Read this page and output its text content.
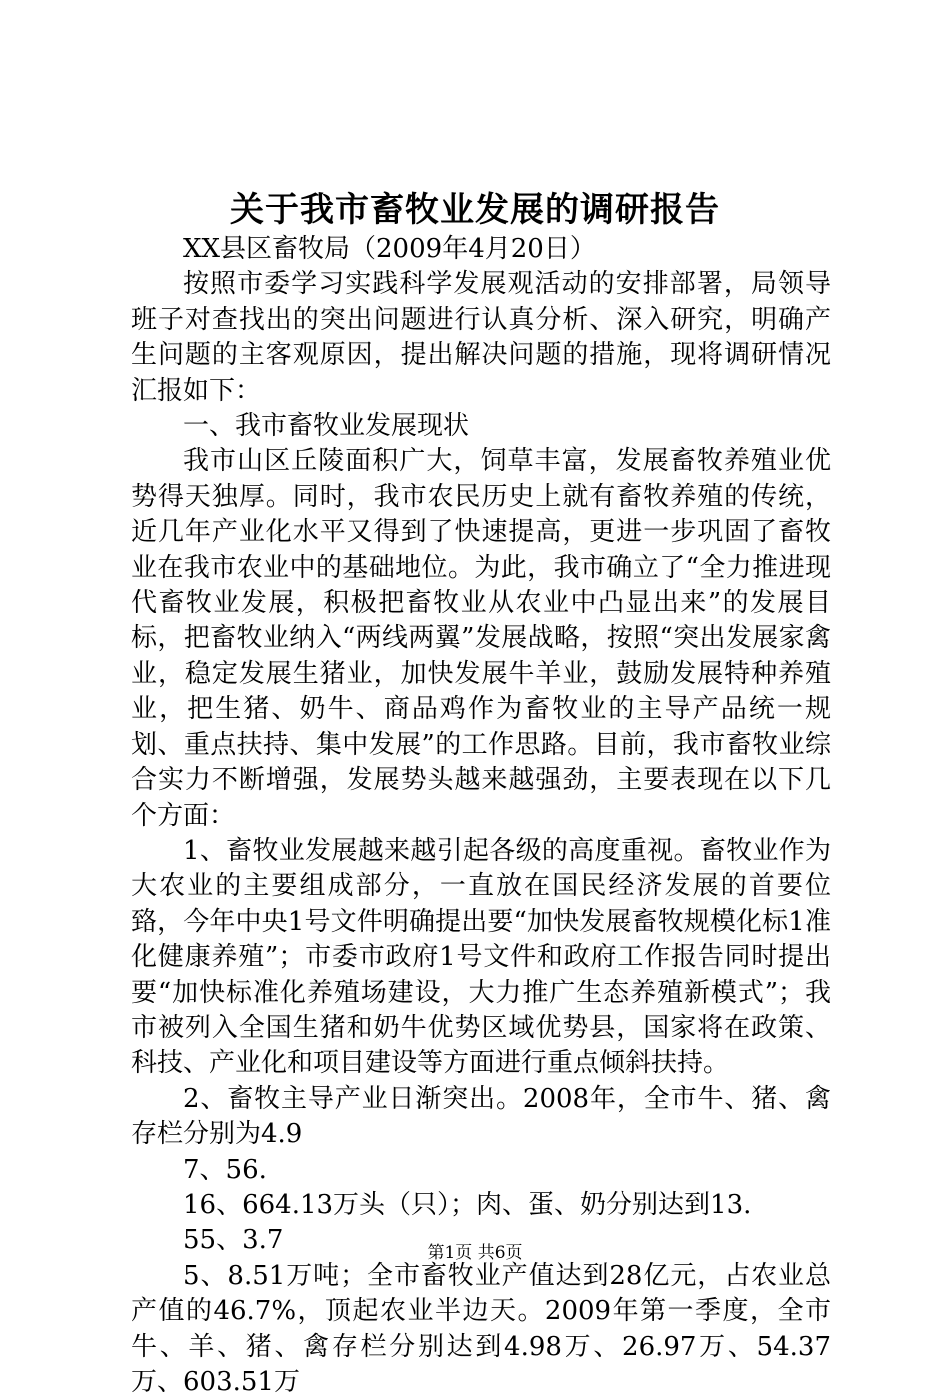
关于我市畜牧业发展的调研报告

XX县区畜牧局（2009年4月20日）

按照市委学习实践科学发展观活动的安排部署，局领导班子对查找出的突出问题进行认真分析、深入研究，明确产生问题的主客观原因，提出解决问题的措施，现将调研情况汇报如下：

一、我市畜牧业发展现状

我市山区丘陵面积广大，饲草丰富，发展畜牧养殖业优势得天独厚。同时，我市农民历史上就有畜牧养殖的传统，近几年产业化水平又得到了快速提高，更进一步巩固了畜牧业在我市农业中的基础地位。为此，我市确立了“全力推进现代畜牧业发展，积极把畜牧业从农业中凸显出来”的发展目标，把畜牧业纳入“两线两翼”发展战略，按照“突出发展家禽业，稳定发展生猪业，加快发展牛羊业，鼓励发展特种养殖业，把生猪、奶牛、商品鸡作为畜牧业的主导产品统一规划、重点扶持、集中发展”的工作思路。目前，我市畜牧业综合实力不断增强，发展势头越来越强劲，主要表现在以下几个方面：

1、畜牧业发展越来越引起各级的高度重视。畜牧业作为大农业的主要组成部分，一直放在国民经济发展的首要位臵，今年中央1号文件明确提出要“加快发展畜牧规模化标1准化健康养殖”；市委市政府1号文件和政府工作报告同时提出要“加快标准化养殖场建设，大力推广生态养殖新模式”；我市被列入全国生猪和奶牛优势区域优势县，国家将在政策、科技、产业化和项目建设等方面进行重点倾斜扶持。

2、畜牧主导产业日渐突出。2008年，全市牛、猪、禽存栏分别为4.9

7、56.

16、664.13万头（只）；肉、蛋、奶分别达到13.

55、3.7

5、8.51万吨；全市畜牧业产值达到28亿元，占农业总产值的46.7%，顶起农业半边天。2009年第一季度，全市牛、羊、猪、禽存栏分别达到4.98万、26.97万、54.37万、603.51万

第1页 共6页
